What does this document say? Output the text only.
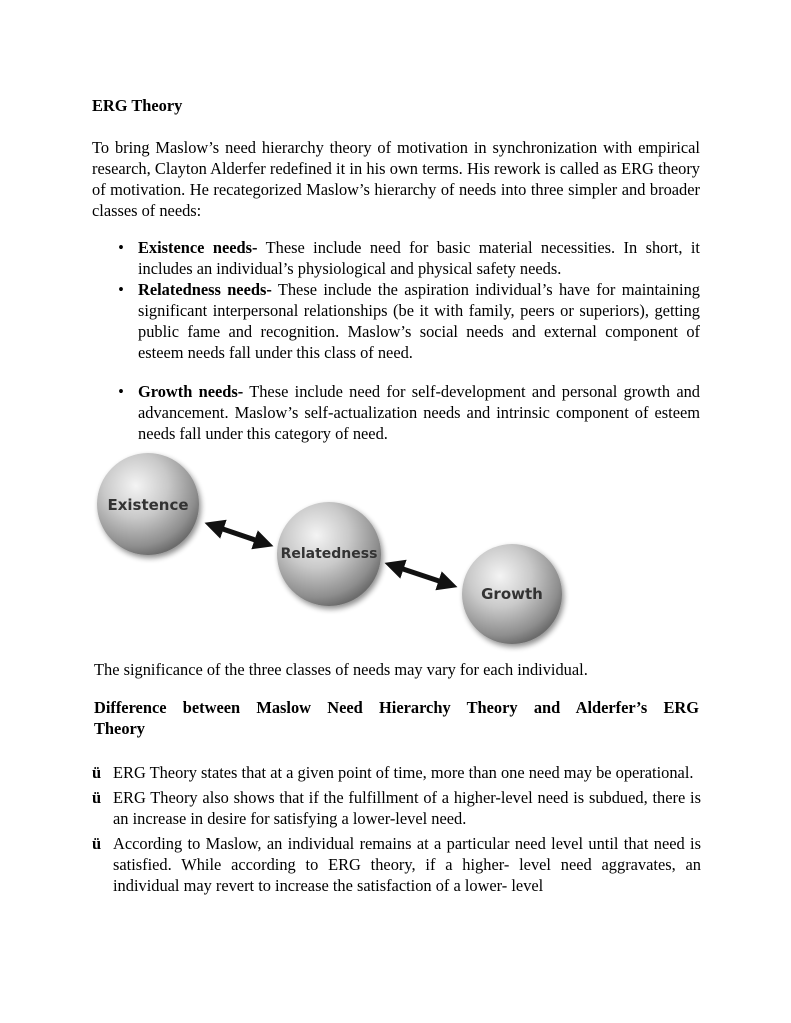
ERG Theory

To bring Maslow’s need hierarchy theory of motivation in synchronization with empirical research, Clayton Alderfer redefined it in his own terms. His rework is called as ERG theory of motivation. He recategorized Maslow’s hierarchy of needs into three simpler and broader classes of needs:

• Existence needs- These include need for basic material necessities. In short, it includes an individual’s physiological and physical safety needs.
• Relatedness needs- These include the aspiration individual’s have for maintaining significant interpersonal relationships (be it with family, peers or superiors), getting public fame and recognition. Maslow’s social needs and external component of esteem needs fall under this class of need.
• Growth needs- These include need for self-development and personal growth and advancement. Maslow’s self-actualization needs and intrinsic component of esteem needs fall under this category of need.
Existence
Relatedness
Growth

The significance of the three classes of needs may vary for each individual.

Difference between Maslow Need Hierarchy Theory and Alderfer’s ERG
Theory
ü ERG Theory states that at a given point of time, more than one need may be operational.
ü ERG Theory also shows that if the fulfillment of a higher-level need is subdued, there is an increase in desire for satisfying a lower-level need.
ü According to Maslow, an individual remains at a particular need level until that need is satisfied. While according to ERG theory, if a higher- level need aggravates, an individual may revert to increase the satisfaction of a lower- level
